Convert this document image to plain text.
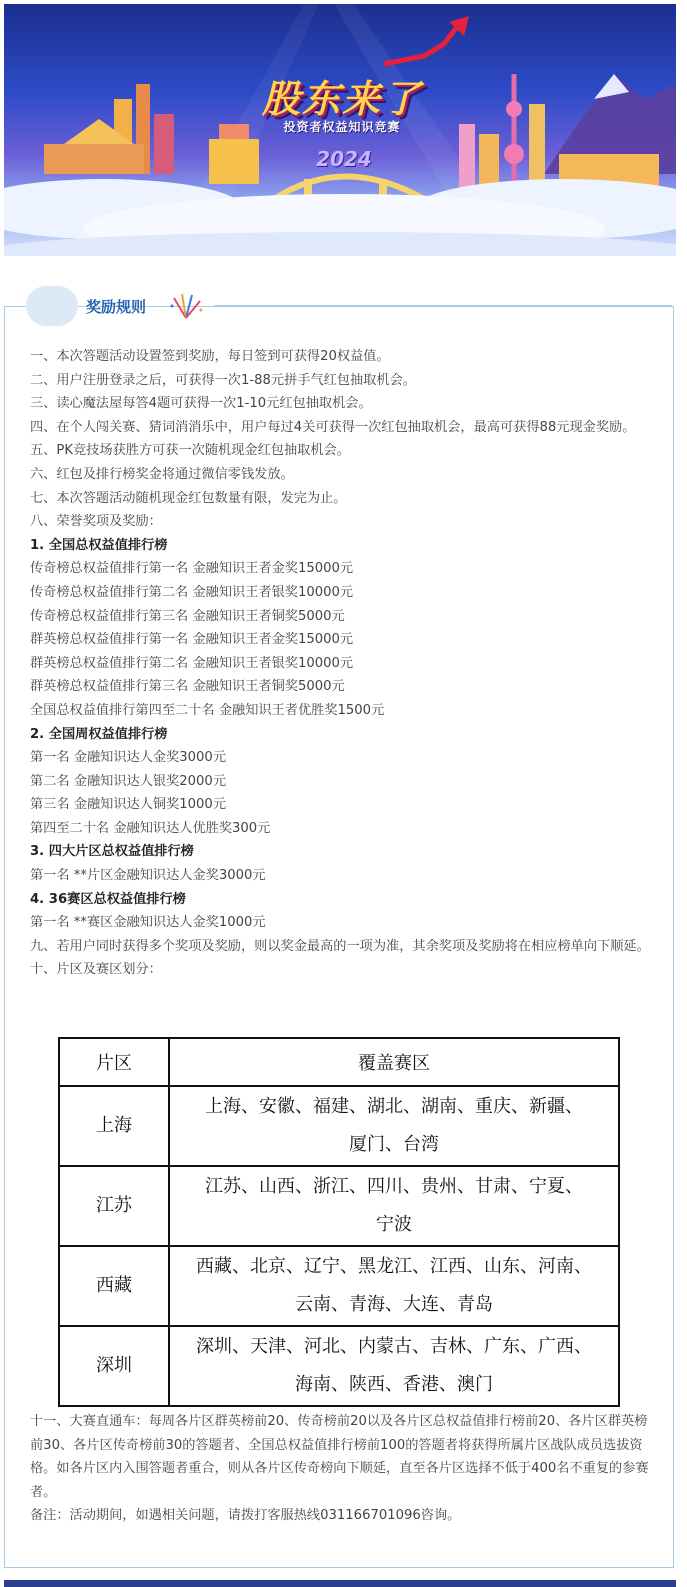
股东来了
投资者权益知识竞赛
2024
奖励规则
一、本次答题活动设置签到奖励，每日签到可获得20权益值。
二、用户注册登录之后，可获得一次1-88元拼手气红包抽取机会。
三、读心魔法屋每答4题可获得一次1-10元红包抽取机会。
四、在个人闯关赛、猜词消消乐中，用户每过4关可获得一次红包抽取机会，最高可获得88元现金奖励。
五、PK竞技场获胜方可获一次随机现金红包抽取机会。
六、红包及排行榜奖金将通过微信零钱发放。
七、本次答题活动随机现金红包数量有限，发完为止。
八、荣誉奖项及奖励：
1. 全国总权益值排行榜
传奇榜总权益值排行第一名 金融知识王者金奖15000元
传奇榜总权益值排行第二名 金融知识王者银奖10000元
传奇榜总权益值排行第三名 金融知识王者铜奖5000元
群英榜总权益值排行第一名 金融知识王者金奖15000元
群英榜总权益值排行第二名 金融知识王者银奖10000元
群英榜总权益值排行第三名 金融知识王者铜奖5000元
全国总权益值排行第四至二十名 金融知识王者优胜奖1500元
2. 全国周权益值排行榜
第一名 金融知识达人金奖3000元
第二名 金融知识达人银奖2000元
第三名 金融知识达人铜奖1000元
第四至二十名 金融知识达人优胜奖300元
3. 四大片区总权益值排行榜
第一名 **片区金融知识达人金奖3000元
4. 36赛区总权益值排行榜
第一名 **赛区金融知识达人金奖1000元
九、若用户同时获得多个奖项及奖励，则以奖金最高的一项为准，其余奖项及奖励将在相应榜单向下顺延。
十、片区及赛区划分：
片区	覆盖赛区
上海	上海、安徽、福建、湖北、湖南、重庆、新疆、
厦门、台湾

江苏	江苏、山西、浙江、四川、贵州、甘肃、宁夏、
宁波

西藏	西藏、北京、辽宁、黑龙江、江西、山东、河南、
云南、青海、大连、青岛

深圳	深圳、天津、河北、内蒙古、吉林、广东、广西、
海南、陕西、香港、澳门
十一、大赛直通车：每周各片区群英榜前20、传奇榜前20以及各片区总权益值排行榜前20、各片区群英榜前30、各片区传奇榜前30的答题者、全国总权益值排行榜前100的答题者将获得所属片区战队成员选拔资格。如各片区内入围答题者重合，则从各片区传奇榜向下顺延，直至各片区选择不低于400名不重复的参赛者。
备注：活动期间，如遇相关问题，请拨打客服热线031166701096咨询。
